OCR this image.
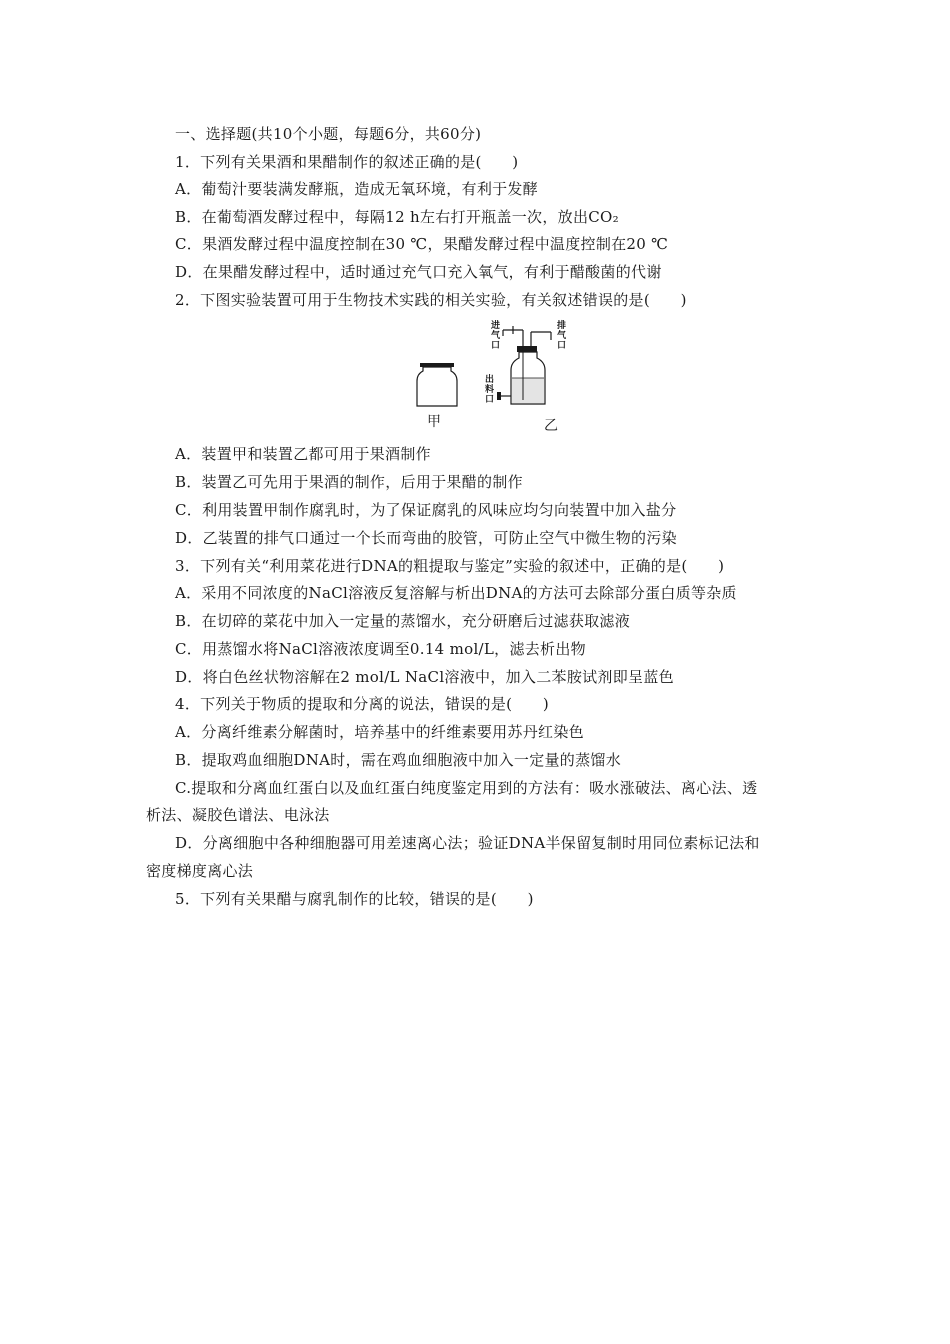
一、选择题(共10个小题，每题6分，共60分)
1．下列有关果酒和果醋制作的叙述正确的是(　　)
A．葡萄汁要装满发酵瓶，造成无氧环境，有利于发酵
B．在葡萄酒发酵过程中，每隔12 h左右打开瓶盖一次，放出CO₂
C．果酒发酵过程中温度控制在30 ℃，果醋发酵过程中温度控制在20 ℃
D．在果醋发酵过程中，适时通过充气口充入氧气，有利于醋酸菌的代谢
2．下图实验装置可用于生物技术实践的相关实验，有关叙述错误的是(　　)
进
气
口
排
气
口
出
料
口
甲	乙
A．装置甲和装置乙都可用于果酒制作
B．装置乙可先用于果酒的制作，后用于果醋的制作
C．利用装置甲制作腐乳时，为了保证腐乳的风味应均匀向装置中加入盐分
D．乙装置的排气口通过一个长而弯曲的胶管，可防止空气中微生物的污染
3．下列有关“利用菜花进行DNA的粗提取与鉴定”实验的叙述中，正确的是(　　)
A．采用不同浓度的NaCl溶液反复溶解与析出DNA的方法可去除部分蛋白质等杂质
B．在切碎的菜花中加入一定量的蒸馏水，充分研磨后过滤获取滤液
C．用蒸馏水将NaCl溶液浓度调至0.14 mol/L，滤去析出物
D．将白色丝状物溶解在2 mol/L NaCl溶液中，加入二苯胺试剂即呈蓝色
4．下列关于物质的提取和分离的说法，错误的是(　　)
A．分离纤维素分解菌时，培养基中的纤维素要用苏丹红染色
B．提取鸡血细胞DNA时，需在鸡血细胞液中加入一定量的蒸馏水
C.提取和分离血红蛋白以及血红蛋白纯度鉴定用到的方法有：吸水涨破法、离心法、透
析法、凝胶色谱法、电泳法
D．分离细胞中各种细胞器可用差速离心法；验证DNA半保留复制时用同位素标记法和
密度梯度离心法
5．下列有关果醋与腐乳制作的比较，错误的是(　　)
